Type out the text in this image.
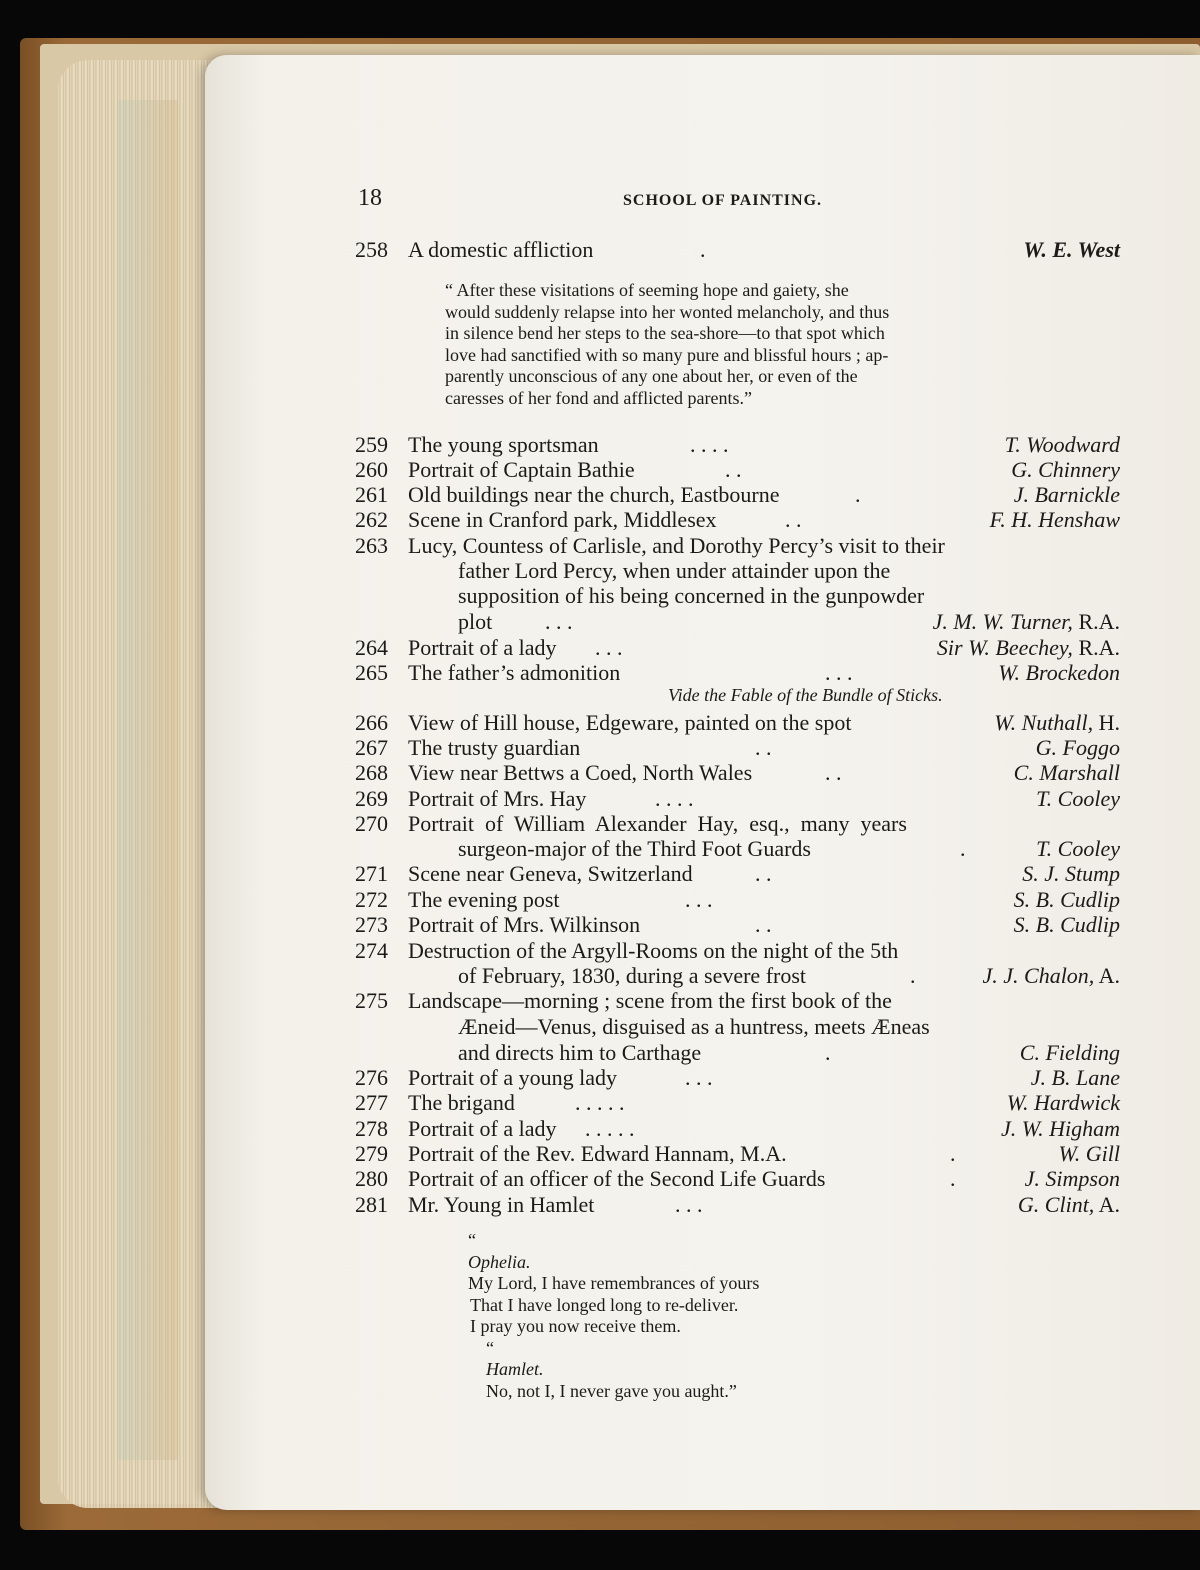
18	SCHOOL OF PAINTING.
258 A domestic affliction	.	W. E. West
“ After these visitations of seeming hope and gaiety, she
would suddenly relapse into her wonted melancholy, and thus
in silence bend her steps to the sea-shore—to that spot which
love had sanctified with so many pure and blissful hours ; ap-
parently unconscious of any one about her, or even of the
caresses of her fond and afflicted parents.”
259 The young sportsman	. . . .	T. Woodward
260 Portrait of Captain Bathie	. .	G. Chinnery
261 Old buildings near the church, Eastbourne	.	J. Barnickle
262 Scene in Cranford park, Middlesex	. .	F. H. Henshaw
263 Lucy, Countess of Carlisle, and Dorothy Percy’s visit to their
father Lord Percy, when under attainder upon the
supposition of his being concerned in the gunpowder
plot . . .	J. M. W. Turner, R.A.
264 Portrait of a lady . . .	Sir W. Beechey, R.A.
265 The father’s admonition	. . .	W. Brockedon
Vide the Fable of the Bundle of Sticks.
266 View of Hill house, Edgeware, painted on the spot	W. Nuthall, H.
267 The trusty guardian	. .	G. Foggo
268 View near Bettws a Coed, North Wales	. .	C. Marshall
269 Portrait of Mrs. Hay	. . . .	T. Cooley
270 Portrait  of  William  Alexander  Hay,  esq.,  many  years
surgeon-major of the Third Foot Guards	.	T. Cooley
271 Scene near Geneva, Switzerland	. .	S. J. Stump
272 The evening post	. . .	S. B. Cudlip
273 Portrait of Mrs. Wilkinson	. .	S. B. Cudlip
274 Destruction of the Argyll-Rooms on the night of the 5th
of February, 1830, during a severe frost	.	J. J. Chalon, A.
275 Landscape—morning ; scene from the first book of the
Æneid—Venus, disguised as a huntress, meets Æneas
and directs him to Carthage	.	C. Fielding
276 Portrait of a young lady	. . .	J. B. Lane
277 The brigand	. . . . .	W. Hardwick
278 Portrait of a lady . . . . .	J. W. Higham
279 Portrait of the Rev. Edward Hannam, M.A.	.	W. Gill
280 Portrait of an officer of the Second Life Guards	.	J. Simpson
281 Mr. Young in Hamlet	. . .	G. Clint, A.
“
Ophelia.
My Lord, I have remembrances of yours
That I have longed long to re-deliver.
I pray you now receive them.
“
Hamlet.
No, not I, I never gave you aught.”
